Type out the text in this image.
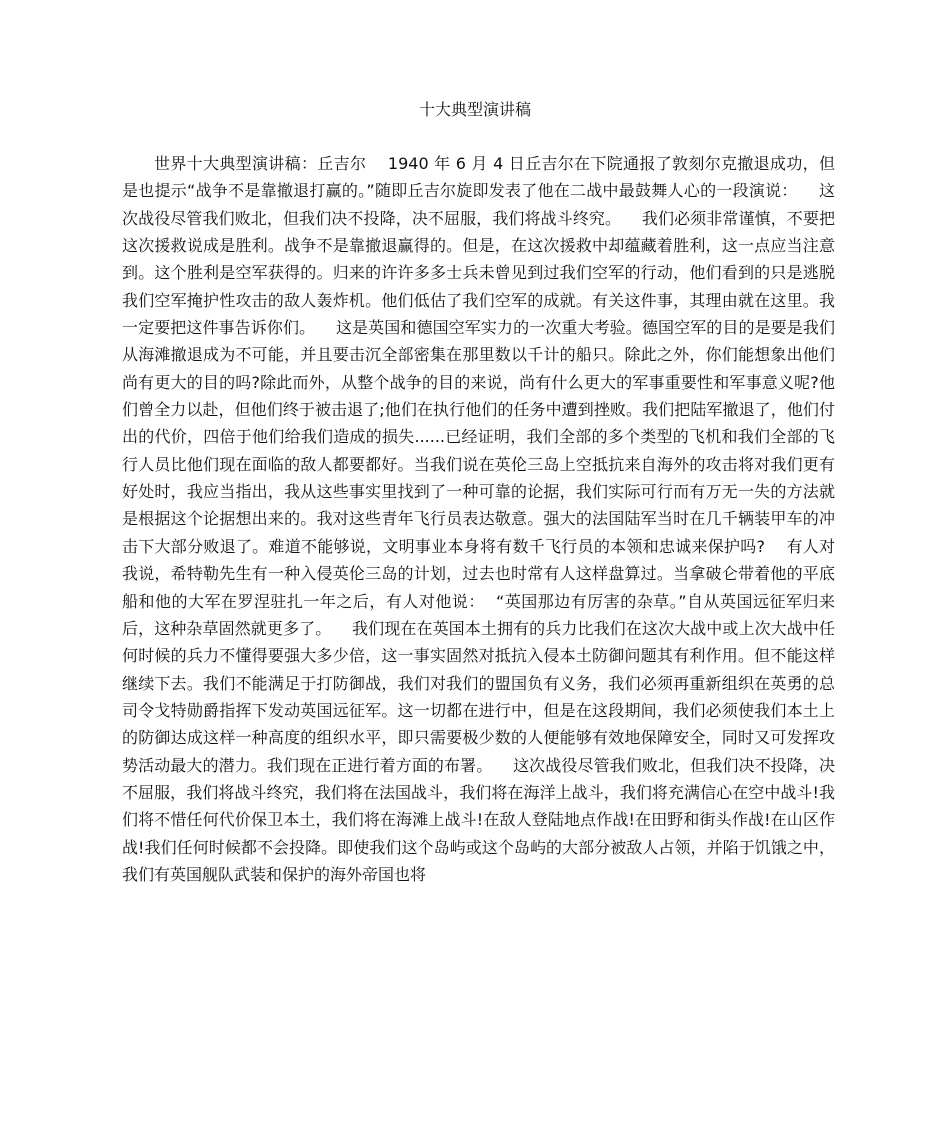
十大典型演讲稿

世界十大典型演讲稿：丘吉尔    1940 年 6 月 4 日丘吉尔在下院通报了敦刻尔克撤退成功，但是也提示“战争不是靠撤退打赢的。”随即丘吉尔旋即发表了他在二战中最鼓舞人心的一段演说：    这次战役尽管我们败北，但我们决不投降，决不屈服，我们将战斗终究。    我们必须非常谨慎，不要把这次援救说成是胜利。战争不是靠撤退赢得的。但是，在这次援救中却蕴藏着胜利，这一点应当注意到。这个胜利是空军获得的。归来的许许多多士兵未曾见到过我们空军的行动，他们看到的只是逃脱我们空军掩护性攻击的敌人轰炸机。他们低估了我们空军的成就。有关这件事，其理由就在这里。我一定要把这件事告诉你们。    这是英国和德国空军实力的一次重大考验。德国空军的目的是要是我们从海滩撤退成为不可能，并且要击沉全部密集在那里数以千计的船只。除此之外，你们能想象出他们尚有更大的目的吗?除此而外，从整个战争的目的来说，尚有什么更大的军事重要性和军事意义呢?他们曾全力以赴，但他们终于被击退了;他们在执行他们的任务中遭到挫败。我们把陆军撤退了，他们付出的代价，四倍于他们给我们造成的损失......已经证明，我们全部的多个类型的飞机和我们全部的飞行人员比他们现在面临的敌人都要都好。当我们说在英伦三岛上空抵抗来自海外的攻击将对我们更有好处时，我应当指出，我从这些事实里找到了一种可靠的论据，我们实际可行而有万无一失的方法就是根据这个论据想出来的。我对这些青年飞行员表达敬意。强大的法国陆军当时在几千辆装甲车的冲击下大部分败退了。难道不能够说，文明事业本身将有数千飞行员的本领和忠诚来保护吗?    有人对我说，希特勒先生有一种入侵英伦三岛的计划，过去也时常有人这样盘算过。当拿破仑带着他的平底船和他的大军在罗涅驻扎一年之后，有人对他说：  “英国那边有厉害的杂草。”自从英国远征军归来后，这种杂草固然就更多了。    我们现在在英国本土拥有的兵力比我们在这次大战中或上次大战中任何时候的兵力不懂得要强大多少倍，这一事实固然对抵抗入侵本土防御问题其有利作用。但不能这样继续下去。我们不能满足于打防御战，我们对我们的盟国负有义务，我们必须再重新组织在英勇的总司令戈特勋爵指挥下发动英国远征军。这一切都在进行中，但是在这段期间，我们必须使我们本土上的防御达成这样一种高度的组织水平，即只需要极少数的人便能够有效地保障安全，同时又可发挥攻势活动最大的潜力。我们现在正进行着方面的布署。    这次战役尽管我们败北，但我们决不投降，决不屈服，我们将战斗终究，我们将在法国战斗，我们将在海洋上战斗，我们将充满信心在空中战斗!我们将不惜任何代价保卫本土，我们将在海滩上战斗!在敌人登陆地点作战!在田野和街头作战!在山区作战!我们任何时候都不会投降。即使我们这个岛屿或这个岛屿的大部分被敌人占领，并陷于饥饿之中，我们有英国舰队武装和保护的海外帝国也将
